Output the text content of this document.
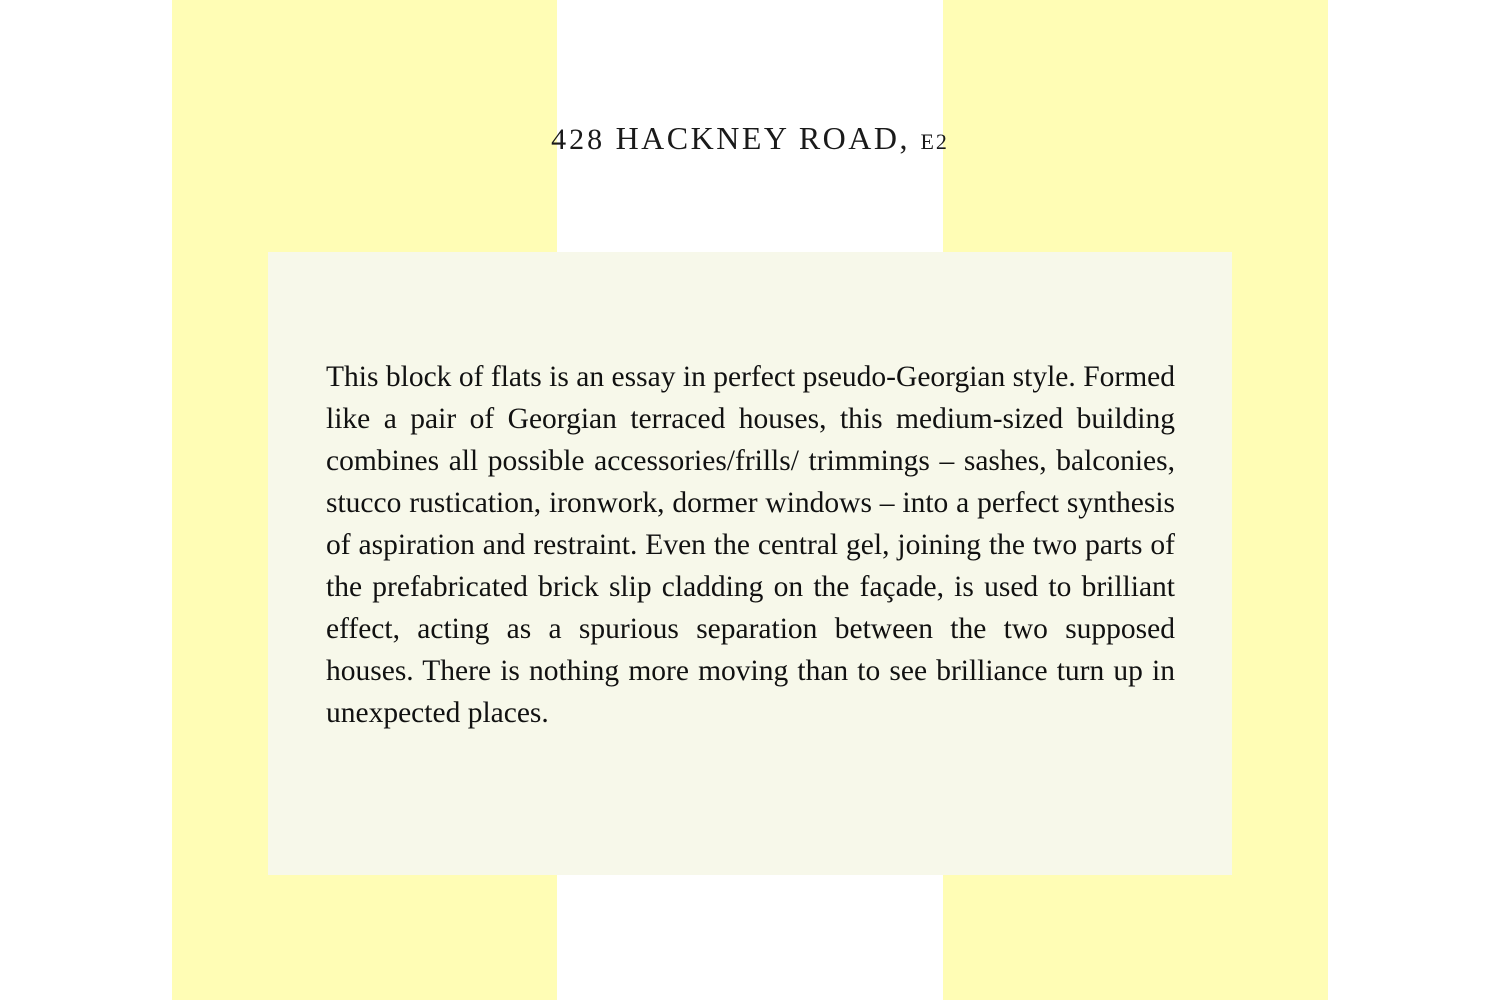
428 HACKNEY ROAD, E2

This block of flats is an essay in perfect pseudo-Georgian style. Formed like a pair of Georgian terraced houses, this medium-sized building combines all possible accessories/frills/ trimmings – sashes, balconies, stucco rustication, ironwork, dormer windows – into a perfect synthesis of aspiration and restraint. Even the central gel, joining the two parts of the prefabricated brick slip cladding on the façade, is used to brilliant effect, acting as a spurious separation between the two supposed houses. There is nothing more moving than to see brilliance turn up in unexpected places.
